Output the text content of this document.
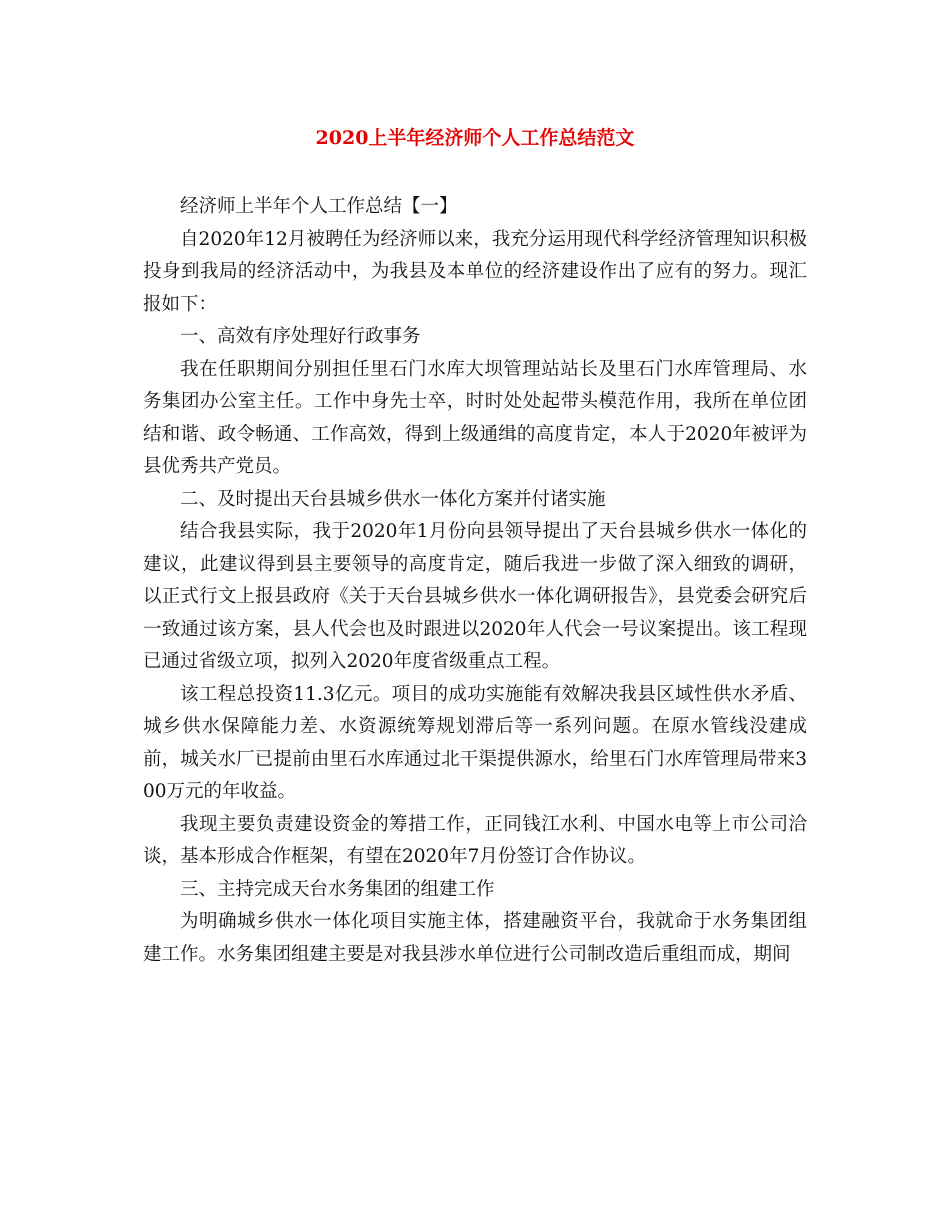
2020上半年经济师个人工作总结范文

经济师上半年个人工作总结【一】

自2020年12月被聘任为经济师以来，我充分运用现代科学经济管理知识积极投身到我局的经济活动中，为我县及本单位的经济建设作出了应有的努力。现汇报如下：

一、高效有序处理好行政事务

我在任职期间分别担任里石门水库大坝管理站站长及里石门水库管理局、水务集团办公室主任。工作中身先士卒，时时处处起带头模范作用，我所在单位团结和谐、政令畅通、工作高效，得到上级通缉的高度肯定，本人于2020年被评为县优秀共产党员。

二、及时提出天台县城乡供水一体化方案并付诸实施

结合我县实际，我于2020年1月份向县领导提出了天台县城乡供水一体化的建议，此建议得到县主要领导的高度肯定，随后我进一步做了深入细致的调研，以正式行文上报县政府《关于天台县城乡供水一体化调研报告》，县党委会研究后一致通过该方案，县人代会也及时跟进以2020年人代会一号议案提出。该工程现已通过省级立项，拟列入2020年度省级重点工程。

该工程总投资11.3亿元。项目的成功实施能有效解决我县区域性供水矛盾、城乡供水保障能力差、水资源统筹规划滞后等一系列问题。在原水管线没建成前，城关水厂已提前由里石水库通过北干渠提供源水，给里石门水库管理局带来300万元的年收益。

我现主要负责建设资金的筹措工作，正同钱江水利、中国水电等上市公司洽谈，基本形成合作框架，有望在2020年7月份签订合作协议。

三、主持完成天台水务集团的组建工作

为明确城乡供水一体化项目实施主体，搭建融资平台，我就命于水务集团组建工作。水务集团组建主要是对我县涉水单位进行公司制改造后重组而成，期间
